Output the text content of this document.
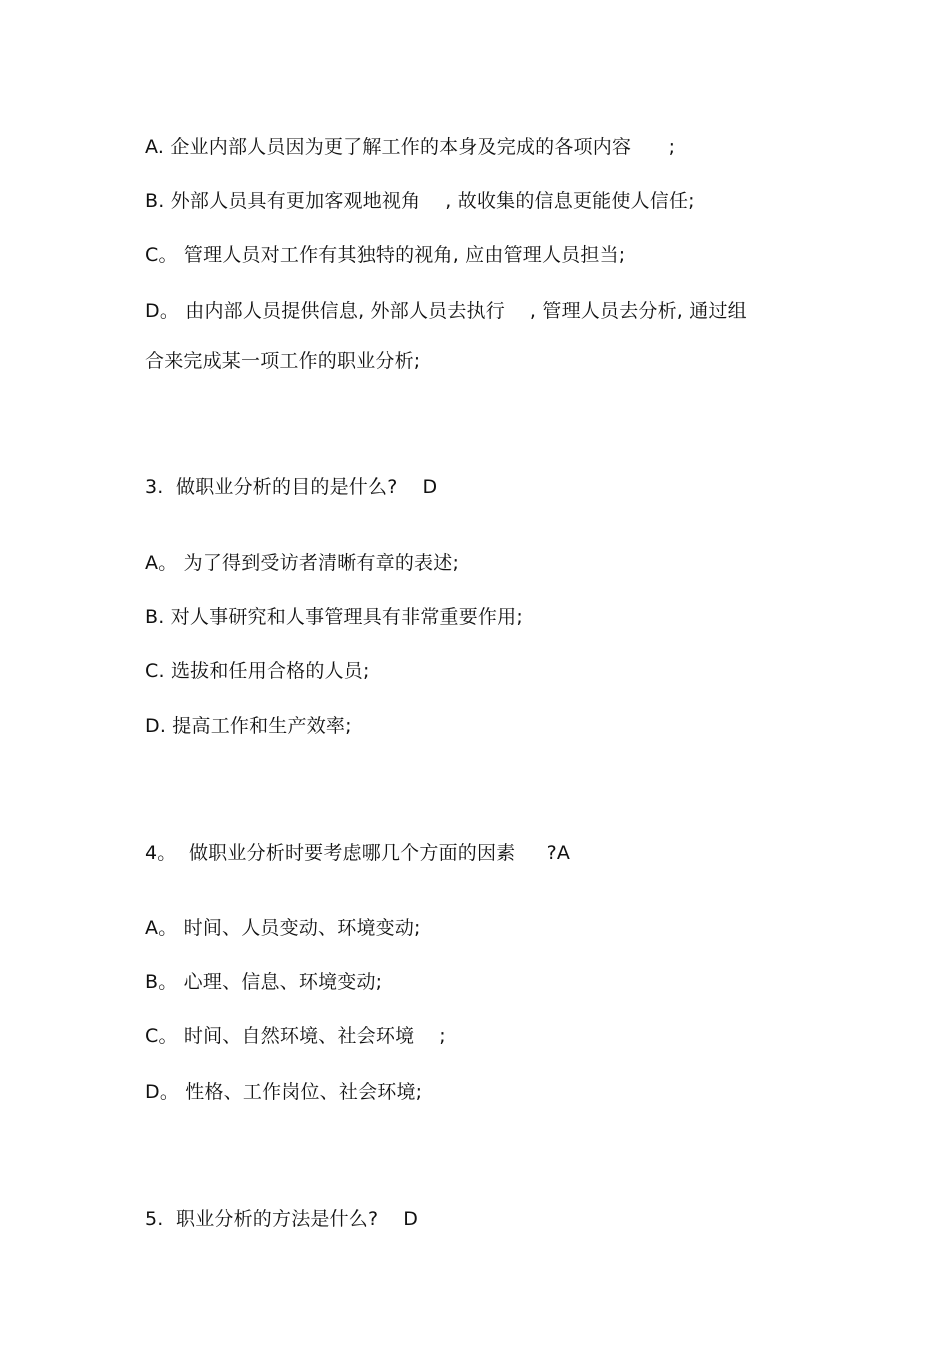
A. 企业内部人员因为更了解工作的本身及完成的各项内容      ;
B. 外部人员具有更加客观地视角    , 故收集的信息更能使人信任;
C。 管理人员对工作有其独特的视角, 应由管理人员担当;
D。 由内部人员提供信息, 外部人员去执行    , 管理人员去分析, 通过组
合来完成某一项工作的职业分析;
3.  做职业分析的目的是什么?    D
A。 为了得到受访者清晰有章的表述;
B. 对人事研究和人事管理具有非常重要作用;
C. 选拔和任用合格的人员;
D. 提高工作和生产效率;
4。  做职业分析时要考虑哪几个方面的因素     ?A
A。 时间、人员变动、环境变动;
B。 心理、信息、环境变动;
C。 时间、自然环境、社会环境    ;
D。 性格、工作岗位、社会环境;
5.  职业分析的方法是什么?    D
